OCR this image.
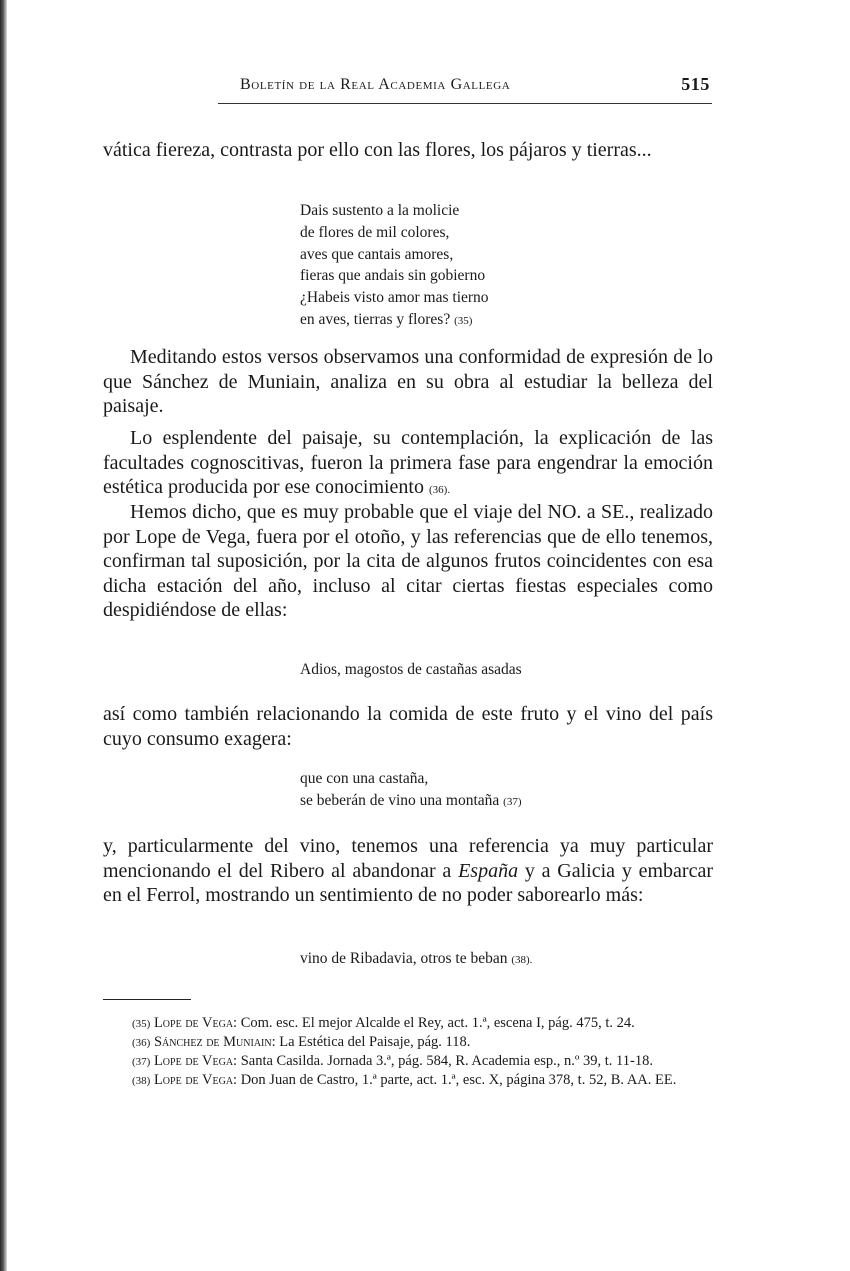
Boletín de la Real Academia Gallega	515

vática fiereza, contrasta por ello con las flores, los pájaros y tierras...

Dais sustento a la molicie
de flores de mil colores,
aves que cantais amores,
fieras que andais sin gobierno
¿Habeis visto amor mas tierno
en aves, tierras y flores? (35)

Meditando estos versos observamos una conformidad de expresión de lo que Sánchez de Muniain, analiza en su obra al estudiar la belleza del paisaje.

Lo esplendente del paisaje, su contemplación, la explicación de las facultades cognoscitivas, fueron la primera fase para engendrar la emoción estética producida por ese conocimiento (36).

Hemos dicho, que es muy probable que el viaje del NO. a SE., realizado por Lope de Vega, fuera por el otoño, y las referencias que de ello tenemos, confirman tal suposición, por la cita de algunos frutos coincidentes con esa dicha estación del año, incluso al citar ciertas fiestas especiales como despidiéndose de ellas:

Adios, magostos de castañas asadas

así como también relacionando la comida de este fruto y el vino del país cuyo consumo exagera:

que con una castaña,
se beberán de vino una montaña (37)

y, particularmente del vino, tenemos una referencia ya muy particular mencionando el del Ribero al abandonar a España y a Galicia y embarcar en el Ferrol, mostrando un sentimiento de no poder saborearlo más:

vino de Ribadavia, otros te beban (38).

(35) Lope de Vega: Com. esc. El mejor Alcalde el Rey, act. 1.ª, escena I, pág. 475, t. 24.

(36) Sánchez de Muniain: La Estética del Paisaje, pág. 118.

(37) Lope de Vega: Santa Casilda. Jornada 3.ª, pág. 584, R. Academia esp., n.º 39, t. 11-18.

(38) Lope de Vega: Don Juan de Castro, 1.ª parte, act. 1.ª, esc. X, página 378, t. 52, B. AA. EE.
